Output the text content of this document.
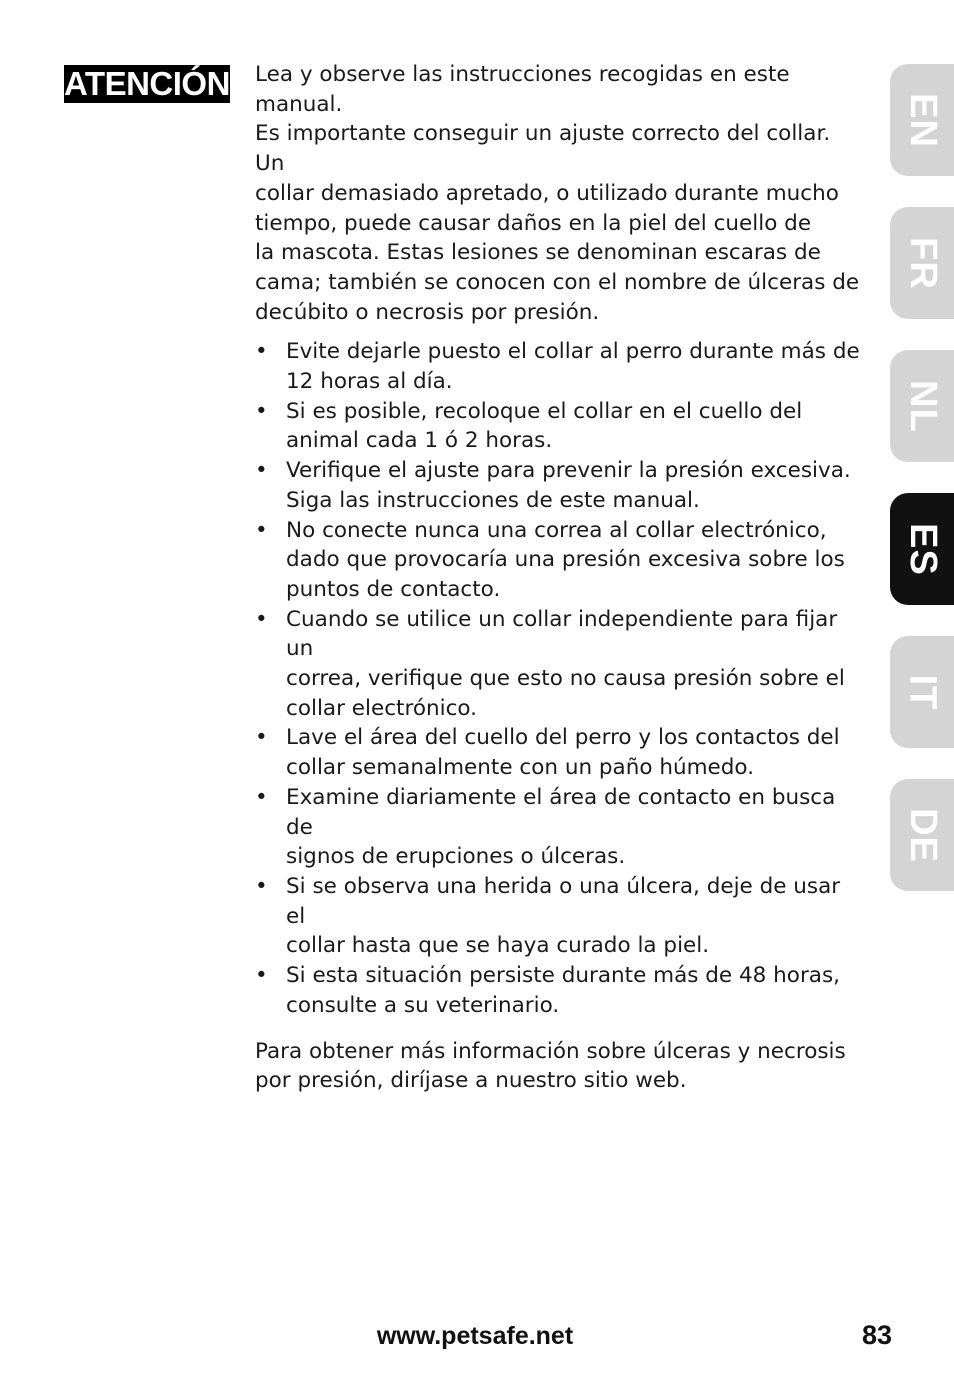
ATENCIÓN Lea y observe las instrucciones recogidas en este manual.
Es importante conseguir un ajuste correcto del collar. Un
collar demasiado apretado, o utilizado durante mucho
tiempo, puede causar daños en la piel del cuello de
la mascota. Estas lesiones se denominan escaras de
cama; también se conocen con el nombre de úlceras de
decúbito o necrosis por presión.

• Evite dejarle puesto el collar al perro durante más de
12 horas al día.
• Si es posible, recoloque el collar en el cuello del
animal cada 1 ó 2 horas.
• Verifique el ajuste para prevenir la presión excesiva.
Siga las instrucciones de este manual.
• No conecte nunca una correa al collar electrónico,
dado que provocaría una presión excesiva sobre los
puntos de contacto.
• Cuando se utilice un collar independiente para fijar un
correa, verifique que esto no causa presión sobre el
collar electrónico.
• Lave el área del cuello del perro y los contactos del
collar semanalmente con un paño húmedo.
• Examine diariamente el área de contacto en busca de
signos de erupciones o úlceras.
• Si se observa una herida o una úlcera, deje de usar el
collar hasta que se haya curado la piel.
• Si esta situación persiste durante más de 48 horas,
consulte a su veterinario.

Para obtener más información sobre úlceras y necrosis
por presión, diríjase a nuestro sitio web.

EN
FR
NL
ES
IT
DE
www.petsafe.net	83
